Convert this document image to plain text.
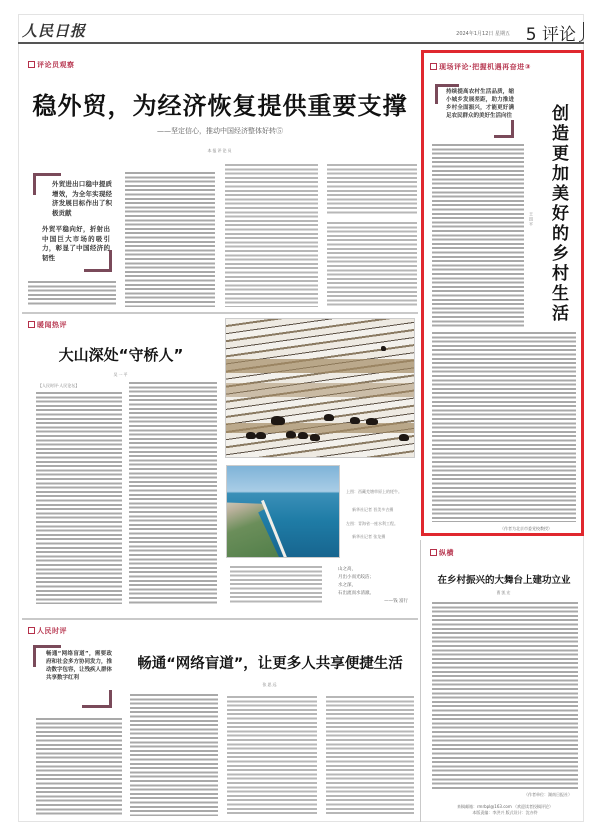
人民日报	2024年1月12日 星期五 5 评论
评论员观察
稳外贸，为经济恢复提供重要支撑
——坚定信心，推动中国经济整体好转⑤
本报评论员
外贸进出口稳中提质增效，为全年实现经济发展目标作出了积极贡献
外贸平稳向好，折射出中国巨大市场的吸引力，彰显了中国经济的韧性
暖闻热评
大山深处“守桥人”
吴一平
【人民时评·人民论坛】
上图：西藏羌塘草原上的牦牛。
新华社记者 晋美多吉摄
左图：青海省一座水利工程。
新华社记者 张龙摄
山之高，
月出小而光皎洁；
水之深，
石出流而水清澈。
——钱 富行
人民时评
畅通“网络盲道”，需要政府和社会多方协同发力，推动数字包容，让残疾人群体共享数字红利
畅通“网络盲道”，让更多人共享便捷生活
张思远
现场评论·把握机遇再奋进③
持续提高农村生活品质，缩小城乡发展差距，助力推进乡村全面振兴，才能更好满足农民群众的美好生活向往 创造更加美好的乡村生活
王国平
（作者为北京市委党校教授）
纵横
在乡村振兴的大舞台上建功立业
曹凯宏
（作者单位：湖南日报社）
来稿邮箱：rmrbpl@163.com （欢迎读者投稿评论）
本版责编：李洪兴 版式设计：沈亦伶
